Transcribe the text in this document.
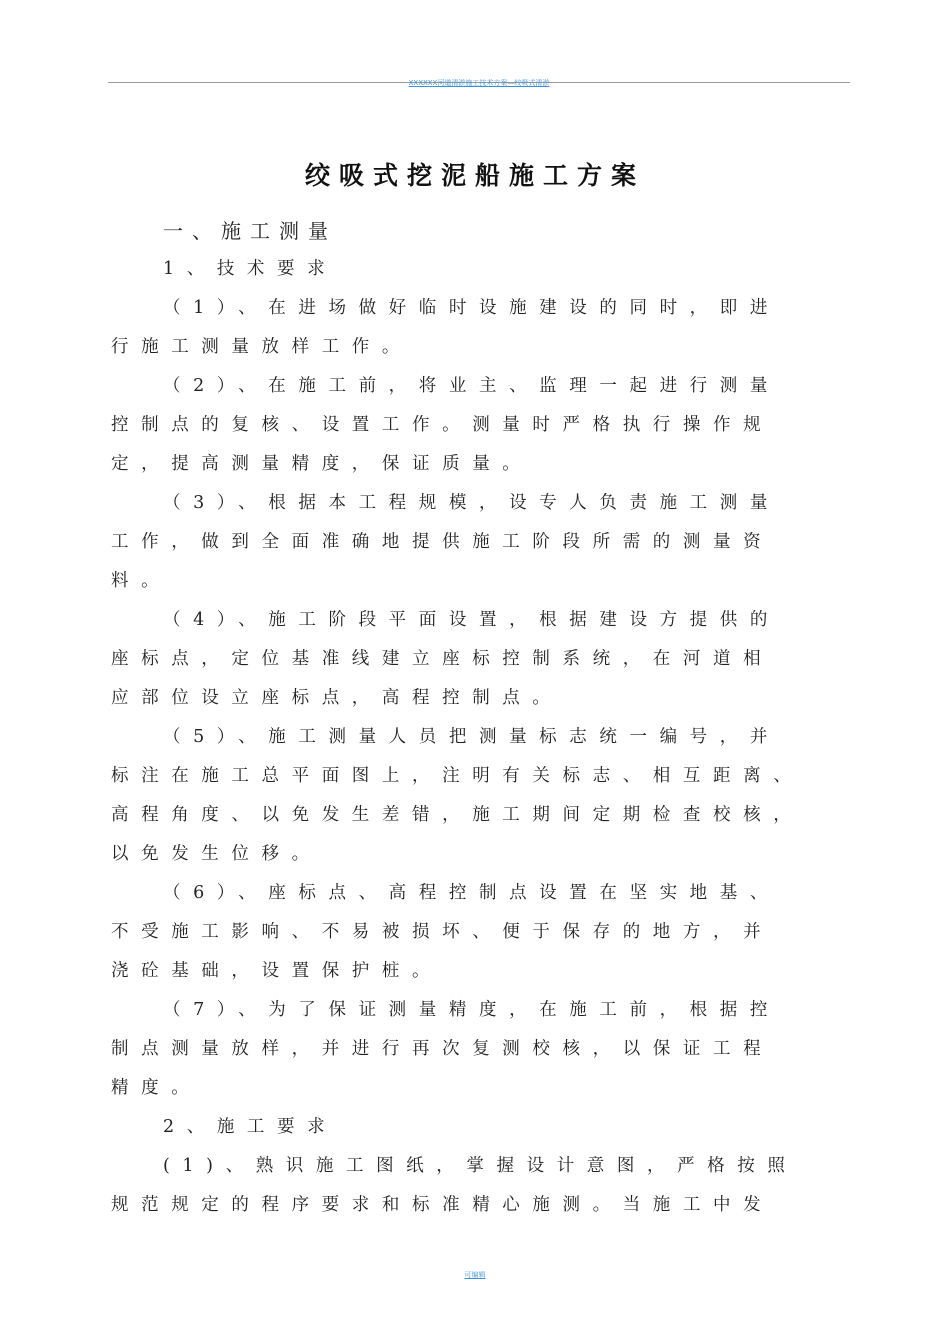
XXXXXX河道清淤施工技术方案—绞吸式清淤
绞吸式挖泥船施工方案

一、施工测量

1、技术要求

（1）、在进场做好临时设施建设的同时，即进

行施工测量放样工作。

（2）、在施工前，将业主、监理一起进行测量

控制点的复核、设置工作。测量时严格执行操作规

定，提高测量精度，保证质量。

（3）、根据本工程规模，设专人负责施工测量

工作，做到全面准确地提供施工阶段所需的测量资

料。

（4）、施工阶段平面设置，根据建设方提供的

座标点，定位基准线建立座标控制系统，在河道相

应部位设立座标点，高程控制点。

（5）、施工测量人员把测量标志统一编号，并

标注在施工总平面图上，注明有关标志、相互距离、

高程角度、以免发生差错，施工期间定期检查校核，

以免发生位移。

（6）、座标点、高程控制点设置在坚实地基、

不受施工影响、不易被损坏、便于保存的地方，并

浇砼基础，设置保护桩。

（7）、为了保证测量精度，在施工前，根据控

制点测量放样，并进行再次复测校核，以保证工程

精度。

2、施工要求

(1)、熟识施工图纸，掌握设计意图，严格按照

规范规定的程序要求和标准精心施测。当施工中发

可编辑
